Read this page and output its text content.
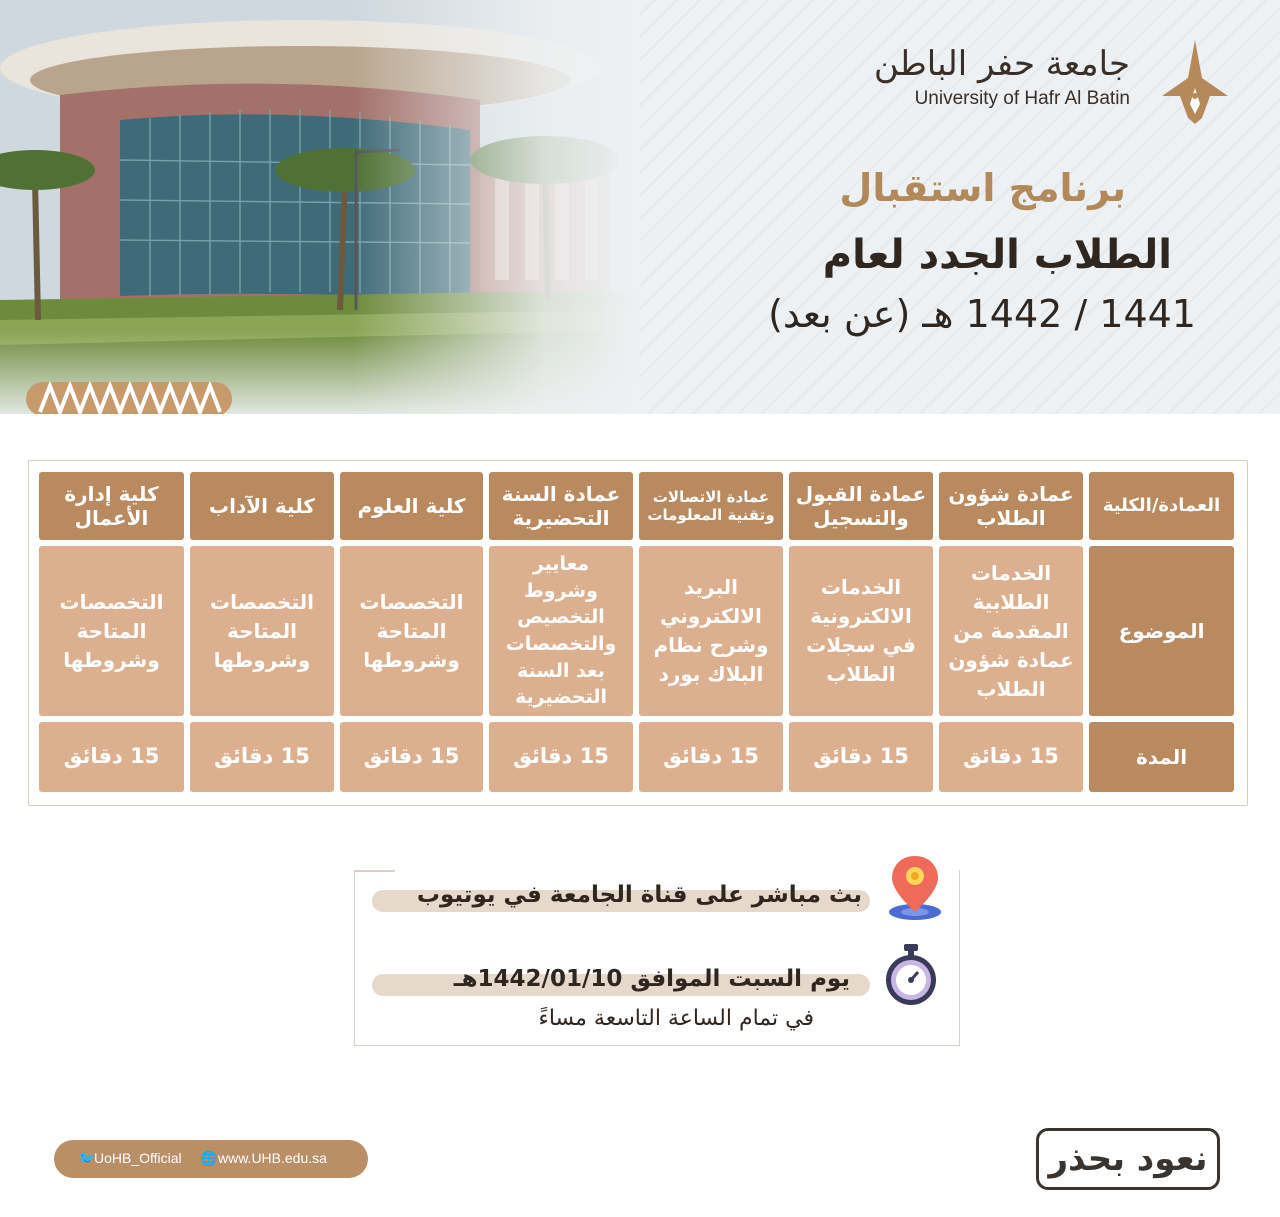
جامعة حفر الباطن
University of Hafr Al Batin
برنامج استقبال
الطلاب الجدد لعام
1441 / 1442 هـ (عن بعد)
العمادة/الكلية
الموضوع
المدة
عمادة شؤون الطلاب
الخدمات الطلابية المقدمة من عمادة شؤون الطلاب
15 دقائق
عمادة القبول والتسجيل
الخدمات الالكترونية في سجلات الطلاب
15 دقائق
عمادة الاتصالات وتقنية المعلومات
البريد الالكتروني وشرح نظام البلاك بورد
15 دقائق
عمادة السنة التحضيرية
معايير وشروط التخصيص والتخصصات بعد السنة التحضيرية
15 دقائق
كلية العلوم
التخصصات المتاحة وشروطها
15 دقائق
كلية الآداب
التخصصات المتاحة وشروطها
15 دقائق
كلية إدارة الأعمال
التخصصات المتاحة وشروطها
15 دقائق
بث مباشر على قناة الجامعة في يوتيوب
يوم السبت الموافق 1442/01/10هـ
في تمام الساعة التاسعة مساءً
🐦
UoHB_Official 🌐 www.UHB.edu.sa	نعود بحذر
